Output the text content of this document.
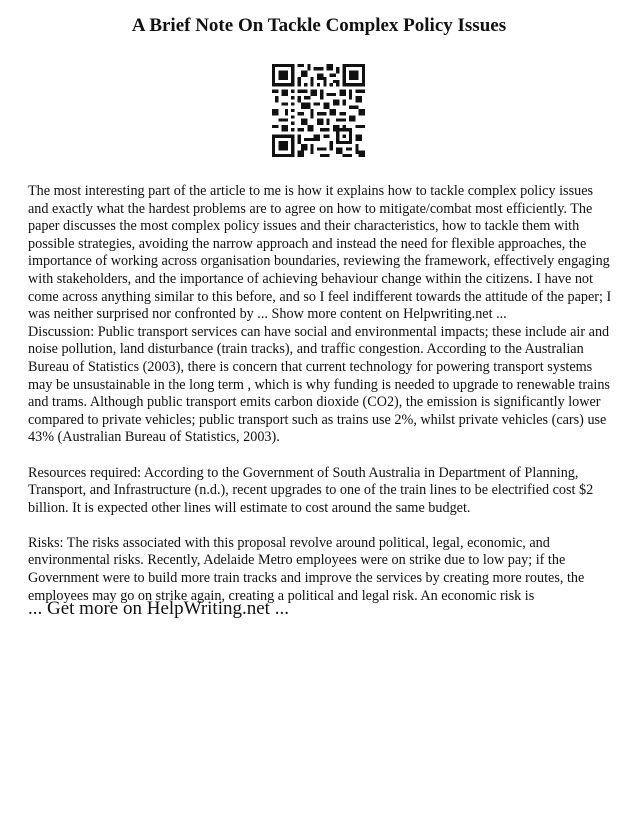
A Brief Note On Tackle Complex Policy Issues

The most interesting part of the article to me is how it explains how to tackle complex policy issues and exactly what the hardest problems are to agree on how to mitigate/combat most efficiently. The paper discusses the most complex policy issues and their characteristics, how to tackle them with possible strategies, avoiding the narrow approach and instead the need for flexible approaches, the importance of working across organisation boundaries, reviewing the framework, effectively engaging with stakeholders, and the importance of achieving behaviour change within the citizens. I have not come across anything similar to this before, and so I feel indifferent towards the attitude of the paper; I was neither surprised nor confronted by ... Show more content on Helpwriting.net ...

Discussion: Public transport services can have social and environmental impacts; these include air and noise pollution, land disturbance (train tracks), and traffic congestion. According to the Australian Bureau of Statistics (2003), there is concern that current technology for powering transport systems may be unsustainable in the long term , which is why funding is needed to upgrade to renewable trains and trams. Although public transport emits carbon dioxide (CO2), the emission is significantly lower compared to private vehicles; public transport such as trains use 2%, whilst private vehicles (cars) use 43% (Australian Bureau of Statistics, 2003).

Resources required: According to the Government of South Australia in Department of Planning, Transport, and Infrastructure (n.d.), recent upgrades to one of the train lines to be electrified cost $2 billion. It is expected other lines will estimate to cost around the same budget.

Risks: The risks associated with this proposal revolve around political, legal, economic, and environmental risks. Recently, Adelaide Metro employees were on strike due to low pay; if the Government were to build more train tracks and improve the services by creating more routes, the employees may go on strike again, creating a political and legal risk. An economic risk is

... Get more on HelpWriting.net ...
